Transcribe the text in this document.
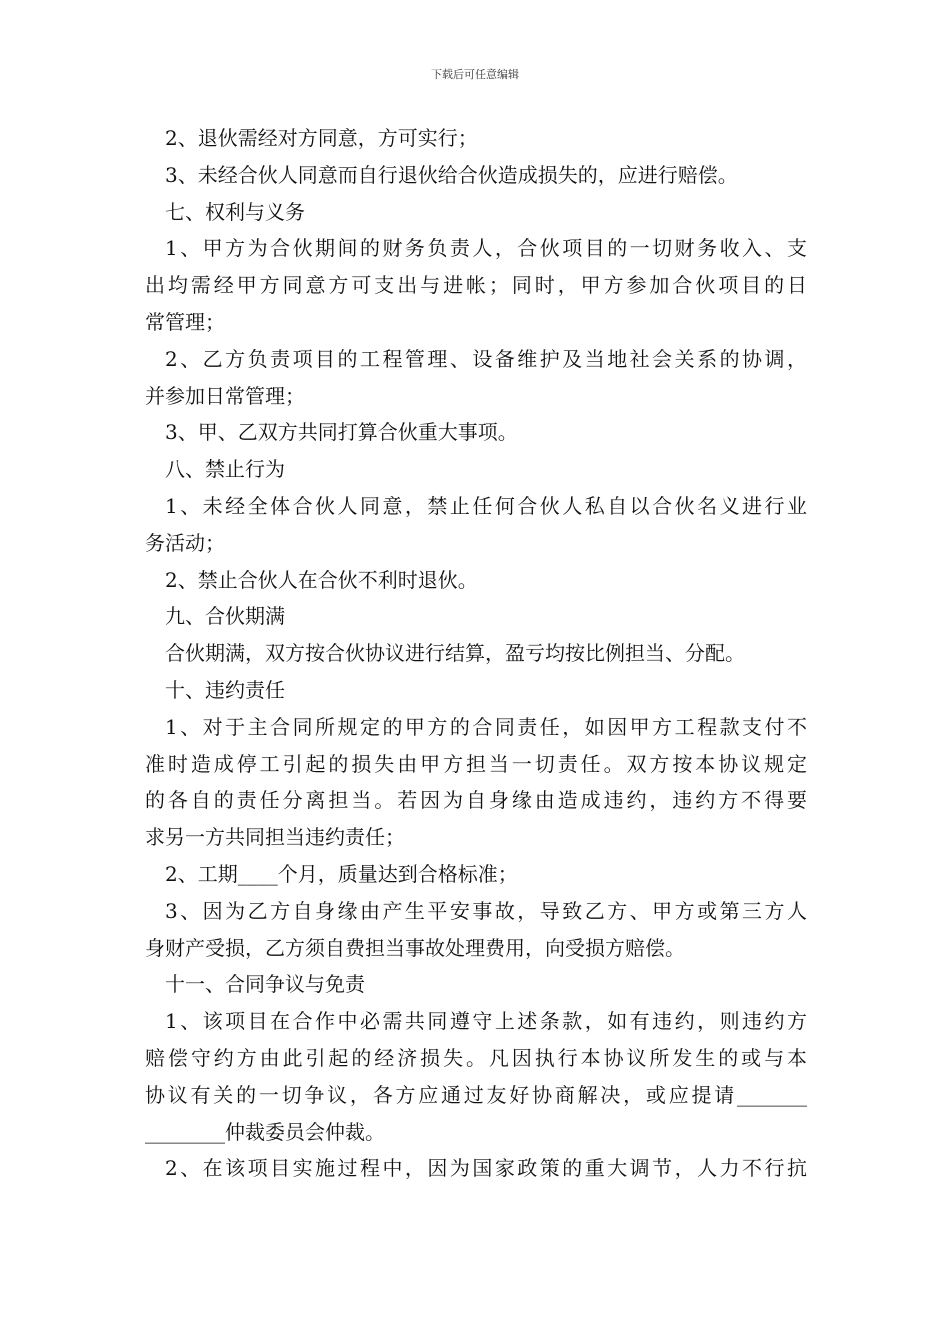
下载后可任意编辑
2、退伙需经对方同意，方可实行；
3、未经合伙人同意而自行退伙给合伙造成损失的，应进行赔偿。
七、权利与义务
1、甲方为合伙期间的财务负责人，合伙项目的一切财务收入、支
出均需经甲方同意方可支出与进帐；同时，甲方参加合伙项目的日
常管理；
2、乙方负责项目的工程管理、设备维护及当地社会关系的协调，
并参加日常管理；
3、甲、乙双方共同打算合伙重大事项。
八、禁止行为
1、未经全体合伙人同意，禁止任何合伙人私自以合伙名义进行业
务活动；
2、禁止合伙人在合伙不利时退伙。
九、合伙期满
合伙期满，双方按合伙协议进行结算，盈亏均按比例担当、分配。
十、违约责任
1、对于主合同所规定的甲方的合同责任，如因甲方工程款支付不
准时造成停工引起的损失由甲方担当一切责任。双方按本协议规定
的各自的责任分离担当。若因为自身缘由造成违约，违约方不得要
求另一方共同担当违约责任；
2、工期____个月，质量达到合格标准；
3、因为乙方自身缘由产生平安事故，导致乙方、甲方或第三方人
身财产受损，乙方须自费担当事故处理费用，向受损方赔偿。
十一、合同争议与免责
1、该项目在合作中必需共同遵守上述条款，如有违约，则违约方
赔偿守约方由此引起的经济损失。凡因执行本协议所发生的或与本
协议有关的一切争议，各方应通过友好协商解决，或应提请_______
________仲裁委员会仲裁。
2、在该项目实施过程中，因为国家政策的重大调节，人力不行抗
